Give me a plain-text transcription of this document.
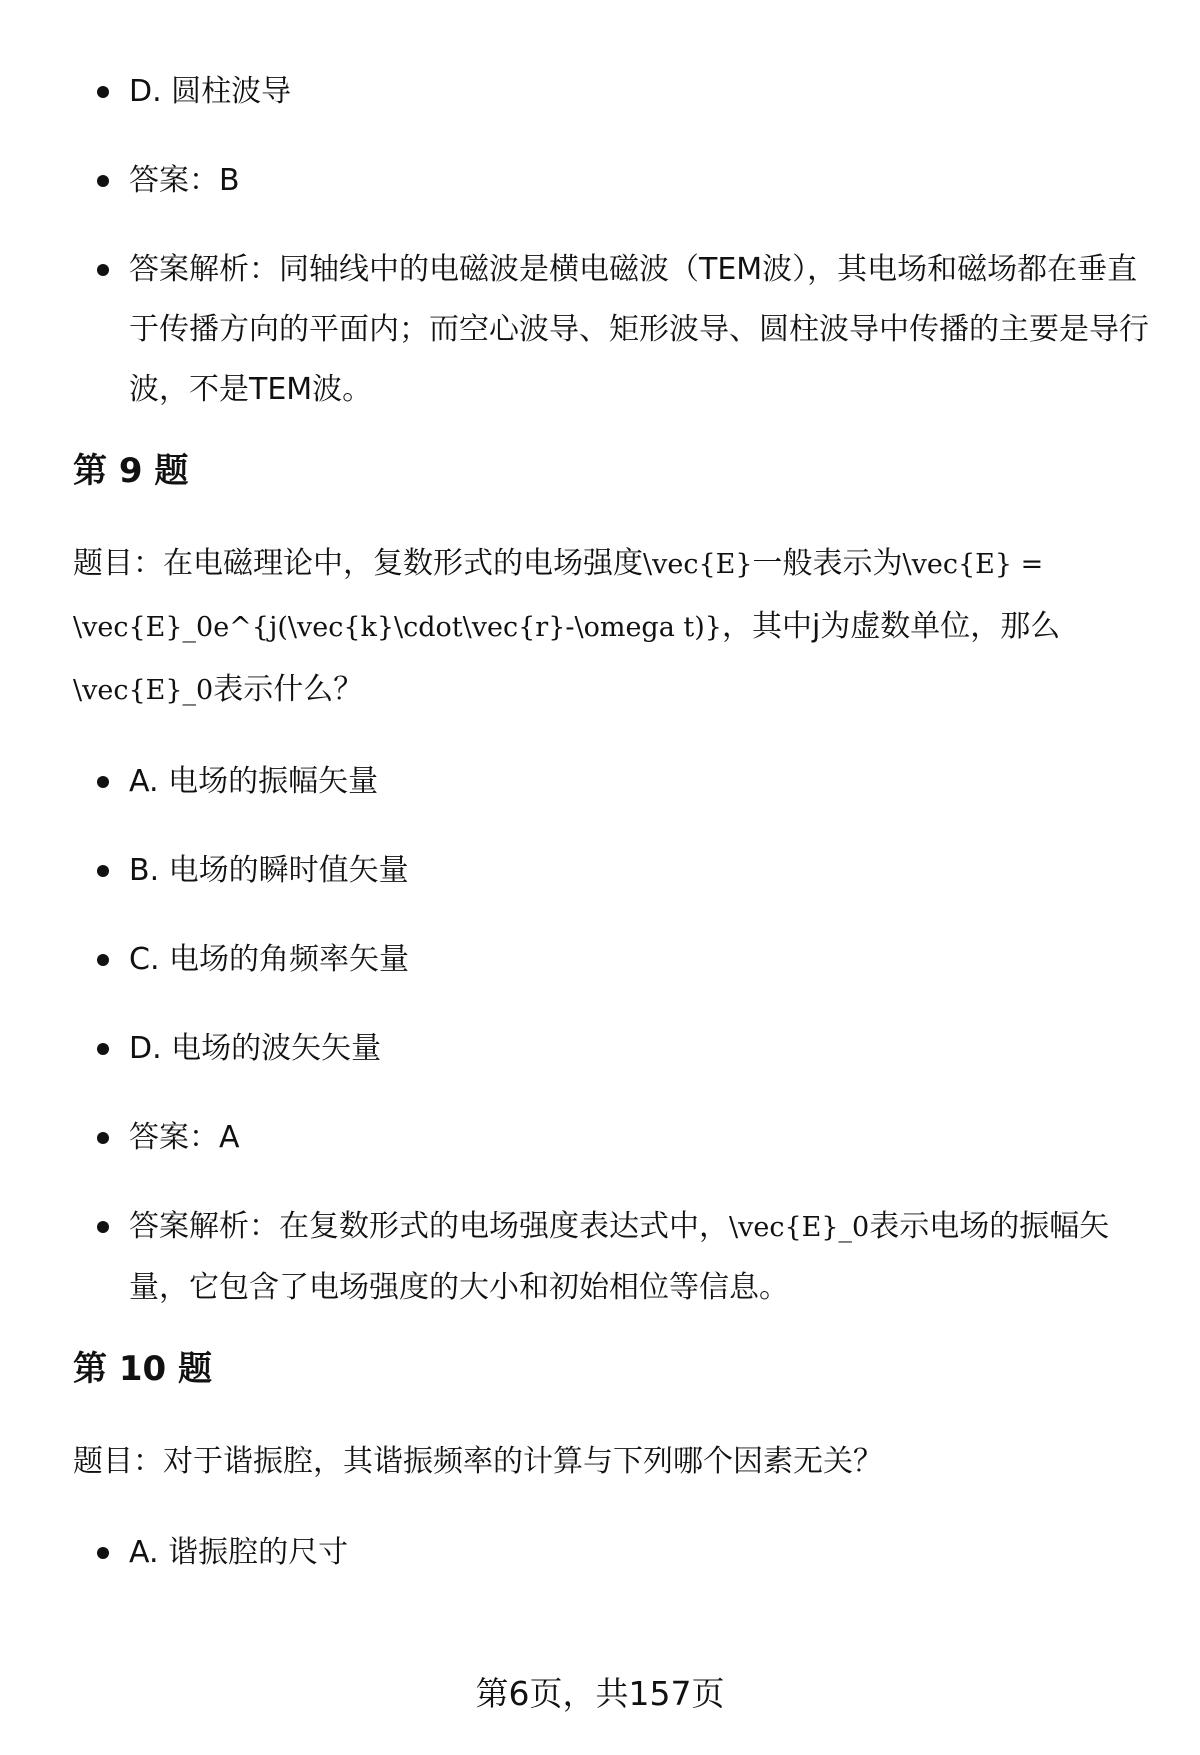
D. 圆柱波导
答案：B
答案解析：同轴线中的电磁波是横电磁波（TEM波），其电场和磁场都在垂直于传播方向的平面内；而空心波导、矩形波导、圆柱波导中传播的主要是导行波，不是TEM波。
第 9 题

题目：在电磁理论中，复数形式的电场强度\vec{E}一般表示为\vec{E} = \vec{E}_0e^{j(\vec{k}\cdot\vec{r}-\omega t)}，其中j为虚数单位，那么\vec{E}_0表示什么？

A. 电场的振幅矢量
B. 电场的瞬时值矢量
C. 电场的角频率矢量
D. 电场的波矢矢量
答案：A
答案解析：在复数形式的电场强度表达式中，\vec{E}_0表示电场的振幅矢量，它包含了电场强度的大小和初始相位等信息。
第 10 题

题目：对于谐振腔，其谐振频率的计算与下列哪个因素无关？

A. 谐振腔的尺寸
第6页，共157页
